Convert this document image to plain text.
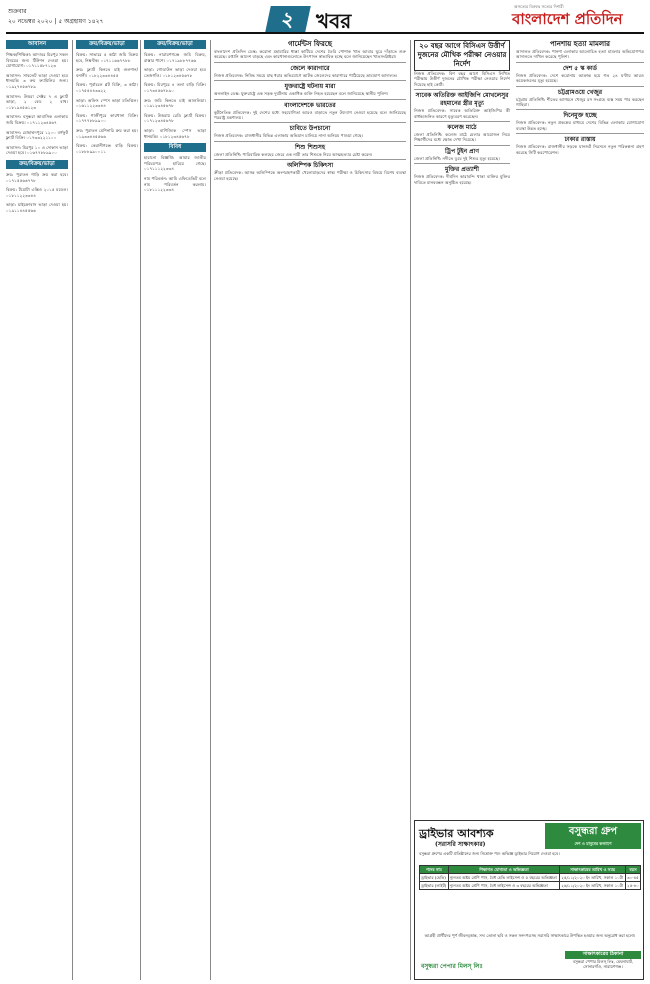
শুক্রবার
২০ নভেম্বর ২০২০ | ৫ অগ্রহায়ণ ১৪২৭	২ খবর
অসত্যের বিরুদ্ধে সত্যের দিশারী
বাংলাদেশ প্রতিদিন
আবাসন
শিক্ষক/শিক্ষিকা: আদাবর মিরপুর সকল বিষয়ের জন্য টিউশন দেওয়া হয়। যোগাযোগ: ০১৭১১৫৮৭১২৩
আবাসন: সাবলেট ভাড়া দেওয়া হবে ধানমন্ডি ৩ রুম ফ্যামিলির জন্য। ০১৯২৭৪৫৬৭৮৯
আবাসন: উত্তরা সেক্টর ৭ এ ফ্ল্যাট ভাড়া, ২ বেড ২ বাথ। ০১৮১৯৪৫৬১২৩
আবাসন: বসুন্ধরা আবাসিক এলাকায় জমি বিক্রয়। ০১৭১১২৩৪৫৬৭
আবাসন: মোহাম্মদপুরে ১২০০ বর্গফুট ফ্ল্যাট বিক্রি। ০১৭৩৩২২১১০০
আবাসন: মিরপুর ১০ এ দোকান ভাড়া দেওয়া হবে। ০১৬৭৭৮৮৯৯০০
ক্রয়/বিক্রয়/ভাড়া
ক্রয়: পুরাতন গাড়ি ক্রয় করা হবে। ০১৭১৫৫৬৬৭৭৮
বিক্রয়: টয়োটা এক্সিও ২০১৫ মডেল। ০১৮১১২২৩৩৪৪
ভাড়া: মাইক্রোবাস ভাড়া দেওয়া হয়। ০১৯১১৪৪৫৫৬৬
ক্রয়/বিক্রয়/ভাড়া
বিক্রয়: সাভারে ৫ কাঠা জমি বিক্রয় হবে, নিষ্কণ্টক। ০১৭১১৬৬৭৭৮৮
ক্রয়: ফ্ল্যাট কিনতে চাই গুলশান/বনানী। ০১৮২২৩৩৪৪৫৫
বিক্রয়: পূর্বাচলে প্লট বিক্রি, ৩ কাঠা। ০১৭৫৫৪৪৩৩২২
ভাড়া: অফিস স্পেস ভাড়া মতিঝিল। ০১৬১১২২৩৩৪৪
বিক্রয়: গাজীপুরে কারখানা বিক্রি। ০১৭৭৭৮৮৯৯০০
ক্রয়: পুরাতন মেশিনারি ক্রয় করা হয়। ০১৯৩৩৪৪৫৫৬৬
বিক্রয়: কেরানীগঞ্জে বাড়ি বিক্রয়। ০১৮৮৮৯৯০০১১
ক্রয়/বিক্রয়/ভাড়া
বিক্রয়: নারায়ণগঞ্জে জমি বিক্রয়, রাস্তার পাশে। ০১৭১৯৮৮৭৭৬৬
ভাড়া: গোডাউন ভাড়া দেওয়া হবে তেজগাঁও। ০১৮১২৩৪৫৬৭৮
বিক্রয়: মিরপুরে ৪ তলা বাড়ি বিক্রি। ০১৭৩৪৫৬৭৮৯০
ক্রয়: জমি কিনতে চাই আশুলিয়া। ০১৯১২৩৪৫৬৭৮
বিক্রয়: উত্তরায় রেডি ফ্ল্যাট বিক্রয়। ০১৭১২৩৪৫৬৭৮
ভাড়া: বাণিজ্যিক স্পেস ভাড়া ধানমন্ডি। ০১৮১২৩৪৫৬৭৮
বিবিধ
হারানো বিজ্ঞপ্তি: আমার জাতীয় পরিচয়পত্র হারিয়ে গেছে। ০১৭১১১২২৩৩৪
নাম পরিবর্তন: আমি এফিডেভিট বলে নাম পরিবর্তন করলাম। ০১৮১১১২২৩৩৪
গার্মেন্টস ফিরছে

বাংলাদেশ প্রতিদিন ডেস্ক: করোনা মহামারির ধাক্কা কাটিয়ে দেশের তৈরি পোশাক খাত আবার ঘুরে দাঁড়াতে শুরু করেছে। রপ্তানি আদেশ বাড়ছে এবং কারখানাগুলোতে উৎপাদন স্বাভাবিক হচ্ছে বলে জানিয়েছেন খাতসংশ্লিষ্টরা।

জেলে কারাগারে

নিজস্ব প্রতিবেদক: নিষিদ্ধ সময়ে মাছ ধরার অভিযোগে আটক জেলেদের কারাগারে পাঠিয়েছে ভ্রাম্যমাণ আদালত।

যুক্তরাষ্ট্রে ঘটনায় মারা

অনলাইন ডেস্ক: যুক্তরাষ্ট্রে এক সড়ক দুর্ঘটনায় একাধিক ব্যক্তি নিহত হয়েছেন বলে জানিয়েছে স্থানীয় পুলিশ।

বাংলাদেশকে ভারতের

কূটনৈতিক প্রতিবেদক: দুই দেশের মধ্যে সহযোগিতা আরও বাড়াতে নতুন উদ্যোগ নেওয়া হয়েছে বলে জানিয়েছে পররাষ্ট্র মন্ত্রণালয়।

চাবিতে উপচানো

নিজস্ব প্রতিবেদক: রাজধানীর বিভিন্ন এলাকায় অভিযান চালিয়ে নানা অনিয়ম পাওয়া গেছে।

শিশু শিশুসহ

জেলা প্রতিনিধি: পারিবারিক কলহের জেরে এক নারী তার শিশুকে নিয়ে আত্মহত্যার চেষ্টা করেন।

অলিম্পিক চিকিৎসা

ক্রীড়া প্রতিবেদক: আসন্ন অলিম্পিকে অংশগ্রহণকারী খেলোয়াড়দের স্বাস্থ্য পরীক্ষা ও চিকিৎসার বিষয়ে বিশেষ ব্যবস্থা নেওয়া হয়েছে।

২০ বছর আগে বিসিএস উত্তীর্ণ দুজনের মৌখিক পরীক্ষা নেওয়ার নির্দেশ

নিজস্ব প্রতিবেদক: বিশ বছর আগে বিসিএস লিখিত পরীক্ষায় উত্তীর্ণ দুজনের মৌখিক পরীক্ষা নেওয়ার নির্দেশ দিয়েছে হাই কোর্ট।

সাবেক অতিরিক্ত আইজিপি মোখলেসুর রহমানের স্ত্রীর মৃত্যু

নিজস্ব প্রতিবেদক: সাবেক অতিরিক্ত আইজিপির স্ত্রী বার্ধক্যজনিত কারণে মৃত্যুবরণ করেছেন।

কলেজ মাঠে

জেলা প্রতিনিধি: কলেজ মাঠে মেলার আয়োজন নিয়ে শিক্ষার্থীদের মধ্যে ক্ষোভ দেখা দিয়েছে।

ট্রিপ টুইন প্রাণ

জেলা প্রতিনিধি: নদীতে ডুবে দুই শিশুর মৃত্যু হয়েছে।

মুক্তির প্রত্যাশী

নিজস্ব প্রতিবেদক: দীর্ঘদিন কারাবন্দি থাকা ব্যক্তির মুক্তির দাবিতে মানববন্ধন অনুষ্ঠিত হয়েছে।

পানশায় হত্যা মামলার

আদালত প্রতিবেদক: পানশা এলাকায় আলোচিত হত্যা মামলার অভিযোগপত্র আদালতে দাখিল করেছে পুলিশ।

দেশ ৫ স্ক কার্ড

নিজস্ব প্রতিবেদক: দেশে করোনায় আক্রান্ত হয়ে গত ২৪ ঘণ্টায় আরও কয়েকজনের মৃত্যু হয়েছে।

চট্টগ্রামওয়ে খেজুর

চট্টগ্রাম প্রতিনিধি: শীতের আগমনে খেজুর রস সংগ্রহে ব্যস্ত সময় পার করছেন গাছিরা।

দিনেমুক্ত হচ্ছে

নিজস্ব প্রতিবেদক: নতুন প্রকল্পের মাধ্যমে দেশের বিভিন্ন এলাকায় যোগাযোগ ব্যবস্থা উন্নত হচ্ছে।

ঢাকার রাস্তায়

নিজস্ব প্রতিবেদক: রাজধানীর সড়কে যানজট নিরসনে নতুন পরিকল্পনা গ্রহণ করেছে সিটি করপোরেশন।

ড্রাইভার আবশ্যক
(সরাসরি সাক্ষাৎকার)
বসুন্ধরা গ্রুপ
দেশ ও মানুষের কল্যাণে
বসুন্ধরা গ্রুপের একটি প্রতিষ্ঠানের জন্য নিম্নোক্ত পদে অভিজ্ঞ ড্রাইভার নিয়োগ দেওয়া হবে।
পদের নাম	শিক্ষাগত যোগ্যতা ও অভিজ্ঞতা	সাক্ষাৎকারের তারিখ ও সময়	বয়স
ড্রাইভার (হেভি)	ন্যূনতম অষ্টম শ্রেণি পাস, বৈধ হেভি লাইসেন্স ও ৫ বছরের অভিজ্ঞতা	২৫/১১/২০২০ ইং তারিখ, সকাল ১০টা	৩০-৪৫
ড্রাইভার (লাইট)	ন্যূনতম অষ্টম শ্রেণি পাস, বৈধ লাইসেন্স ও ৩ বছরের অভিজ্ঞতা	২৬/১১/২০২০ ইং তারিখ, সকাল ১০টা	২৫-৪০
আগ্রহী প্রার্থীদের পূর্ণ জীবনবৃত্তান্ত, সদ্য তোলা ছবি ও সকল সনদপত্রসহ সরাসরি সাক্ষাৎকারে উপস্থিত হওয়ার জন্য অনুরোধ করা হলো।
বসুন্ধরা পেপার মিলস্ লিঃ
সাক্ষাৎকারের ঠিকানা
বসুন্ধরা পেপার মিলস্ লিঃ, মেঘনাঘাট, সোনারগাঁও, নারায়ণগঞ্জ।
